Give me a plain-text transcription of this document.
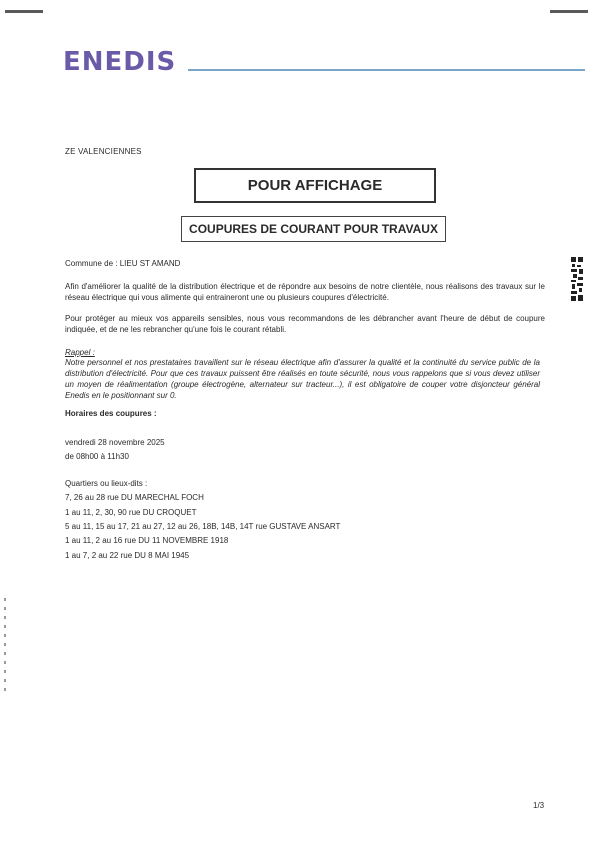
ENEDIS
ZE VALENCIENNES
POUR AFFICHAGE
COUPURES DE COURANT POUR TRAVAUX
Commune de : LIEU ST AMAND
Afin d'améliorer la qualité de la distribution électrique et de répondre aux besoins de notre clientèle, nous réalisons des travaux sur le réseau électrique qui vous alimente qui entraineront une ou plusieurs coupures d'électricité.
Pour protéger au mieux vos appareils sensibles, nous vous recommandons de les débrancher avant l'heure de début de coupure indiquée, et de ne les rebrancher qu'une fois le courant rétabli.
Rappel :
Notre personnel et nos prestataires travaillent sur le réseau électrique afin d'assurer la qualité et la continuité du service public de la distribution d'électricité. Pour que ces travaux puissent être réalisés en toute sécurité, nous vous rappelons que si vous devez utiliser un moyen de réalimentation (groupe électrogène, alternateur sur tracteur...), il est obligatoire de couper votre disjoncteur général Enedis en le positionnant sur 0.
Horaires des coupures :
vendredi 28 novembre 2025
de 08h00 à 11h30
Quartiers ou lieux-dits :
7, 26 au 28 rue DU MARECHAL FOCH
1 au 11, 2, 30, 90 rue DU CROQUET
5 au 11, 15 au 17, 21 au 27, 12 au 26, 18B, 14B, 14T rue GUSTAVE ANSART
1 au 11, 2 au 16 rue DU 11 NOVEMBRE 1918
1 au 7, 2 au 22 rue DU 8 MAI 1945
1/3
